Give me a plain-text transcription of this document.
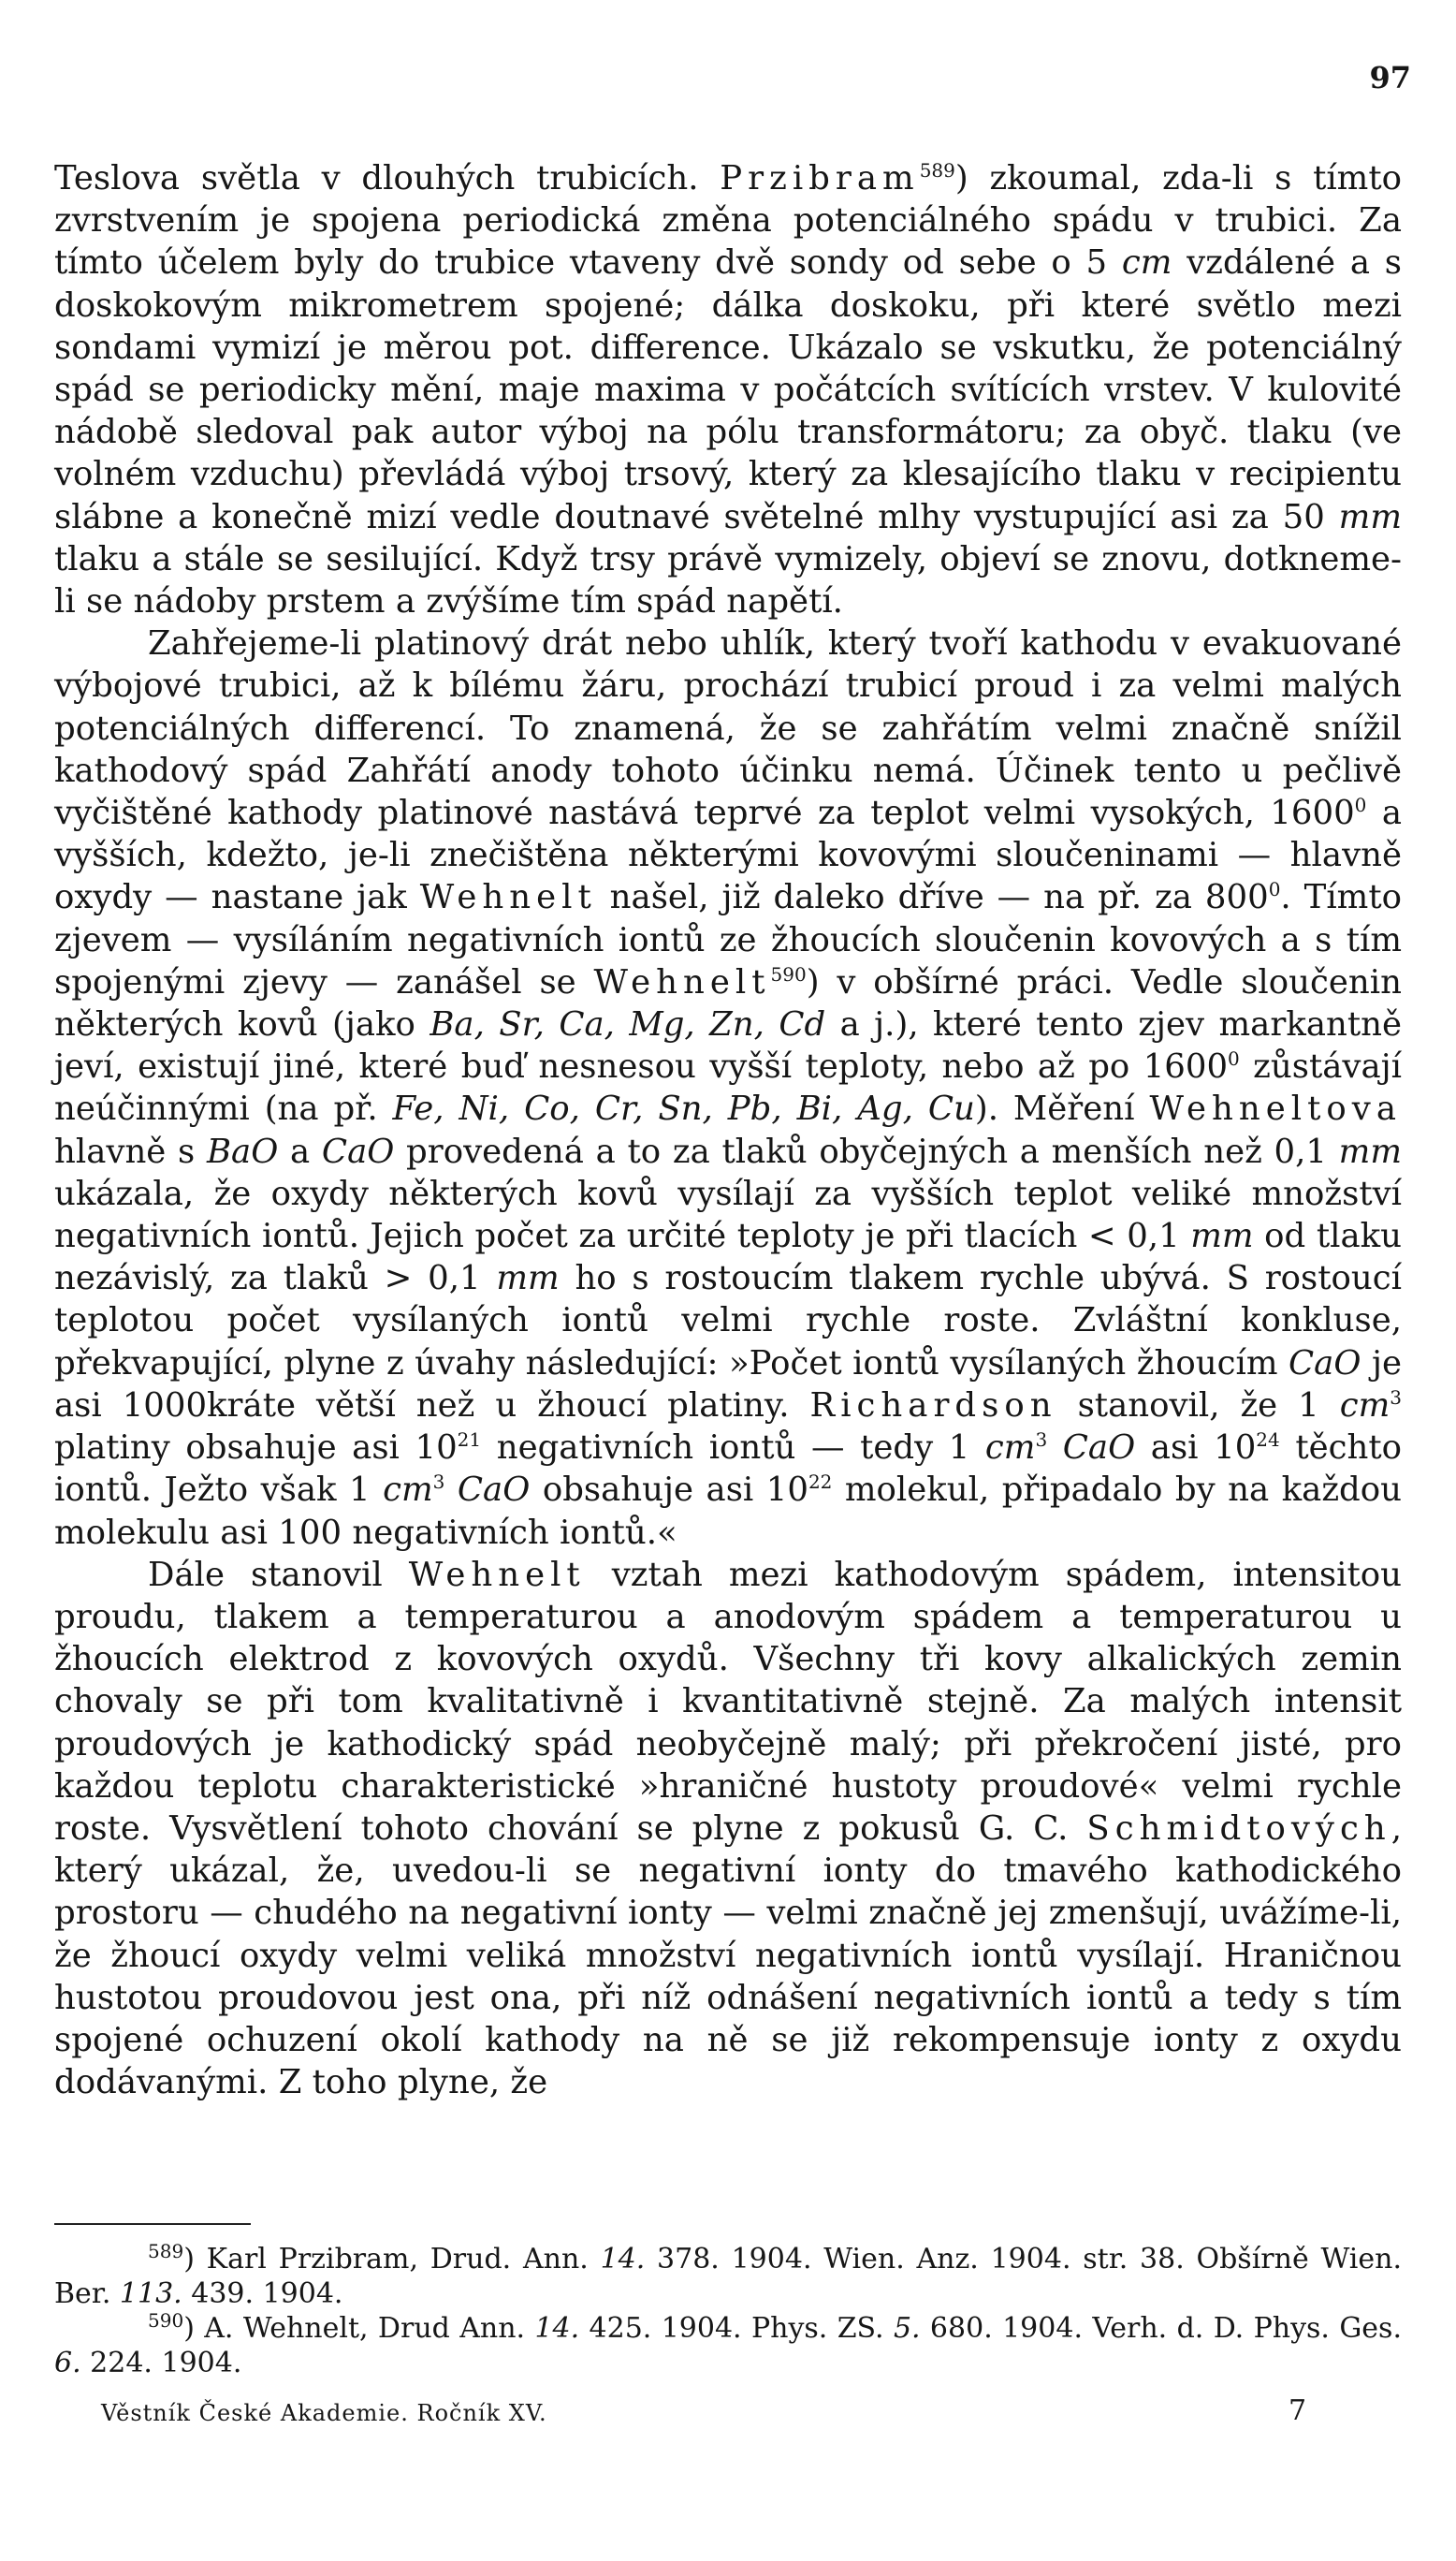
97

Teslova světla v dlouhých trubicích. Przibram$^{589}$) zkoumal, zda-li s tímto zvrstvením je spojena periodická změna potenciálného spádu v trubici. Za tímto účelem byly do trubice vtaveny dvě sondy od sebe o 5 cm vzdálené a s doskokovým mikrometrem spojené; dálka doskoku, při které světlo mezi sondami vymizí je měrou pot. difference. Ukázalo se vskutku, že potenciálný spád se periodicky mění, maje maxima v počátcích svítících vrstev. V kulovité nádobě sledoval pak autor výboj na pólu transformátoru; za obyč. tlaku (ve volném vzduchu) převládá výboj trsový, který za klesajícího tlaku v recipientu slábne a konečně mizí vedle doutnavé světelné mlhy vystupující asi za 50 mm tlaku a stále se sesilující. Když trsy právě vymizely, objeví se znovu, dotkneme-li se nádoby prstem a zvýšíme tím spád napětí.

Zahřejeme-li platinový drát nebo uhlík, který tvoří kathodu v evakuované výbojové trubici, až k bílému žáru, prochází trubicí proud i za velmi malých potenciálných differencí. To znamená, že se zahřátím velmi značně snížil kathodový spád Zahřátí anody tohoto účinku nemá. Účinek tento u pečlivě vyčištěné kathody platinové nastává teprvé za teplot velmi vysokých, 1600$^0$ a vyšších, kdežto, je-li znečištěna některými kovovými sloučeninami — hlavně oxydy — nastane jak Wehnelt našel, již daleko dříve — na př. za $800^0$. Tímto zjevem — vysíláním negativních iontů ze žhoucích sloučenin kovových a s tím spojenými zjevy — zanášel se Wehnelt$^{590}$) v obšírné práci. Vedle sloučenin některých kovů (jako Ba, Sr, Ca, Mg, Zn, Cd a j.), které tento zjev markantně jeví, existují jiné, které buď nesnesou vyšší teploty, nebo až po 1600$^0$ zůstávají neúčinnými (na př. Fe, Ni, Co, Cr, Sn, Pb, Bi, Ag, Cu). Měření Wehneltova hlavně s BaO a CaO provedená a to za tlaků obyčejných a menších než 0,1 mm ukázala, že oxydy některých kovů vysílají za vyšších teplot veliké množství negativních iontů. Jejich počet za určité teploty je při tlacích < 0,1 mm od tlaku nezávislý, za tlaků > 0,1 mm ho s rostoucím tlakem rychle ubývá. S rostoucí teplotou počet vysílaných iontů velmi rychle roste. Zvláštní konkluse, překvapující, plyne z úvahy následující: »Počet iontů vysílaných žhoucím CaO je asi 1000kráte větší než u žhoucí platiny. Richardson stanovil, že 1 $cm^3$ platiny obsahuje asi $10^{21}$ negativních iontů — tedy 1 $cm^3$ CaO asi $10^{24}$ těchto iontů. Ježto však 1 $cm^3$ CaO obsahuje asi $10^{22}$ molekul, připadalo by na každou molekulu asi 100 negativních iontů.«

Dále stanovil Wehnelt vztah mezi kathodovým spádem, intensitou proudu, tlakem a temperaturou a anodovým spádem a temperaturou u žhoucích elektrod z kovových oxydů. Všechny tři kovy alkalických zemin chovaly se při tom kvalitativně i kvantitativně stejně. Za malých intensit proudových je kathodický spád neobyčejně malý; při překročení jisté, pro každou teplotu charakteristické »hraničné hustoty proudové« velmi rychle roste. Vysvětlení tohoto chování se plyne z pokusů G. C. Schmidtových, který ukázal, že, uvedou-li se negativní ionty do tmavého kathodického prostoru — chudého na negativní ionty — velmi značně jej zmenšují, uvážíme-li, že žhoucí oxydy velmi veliká množství negativních iontů vysílají. Hraničnou hustotou proudovou jest ona, při níž odnášení negativních iontů a tedy s tím spojené ochuzení okolí kathody na ně se již rekompensuje ionty z oxydu dodávanými. Z toho plyne, že

$^{589}$) Karl Przibram, Drud. Ann. 14. 378. 1904. Wien. Anz. 1904. str. 38. Obšírně Wien. Ber. 113. 439. 1904.

$^{590}$) A. Wehnelt, Drud Ann. 14. 425. 1904. Phys. ZS. 5. 680. 1904. Verh. d. D. Phys. Ges. 6. 224. 1904.

Věstník České Akademie. Ročník XV.	7
